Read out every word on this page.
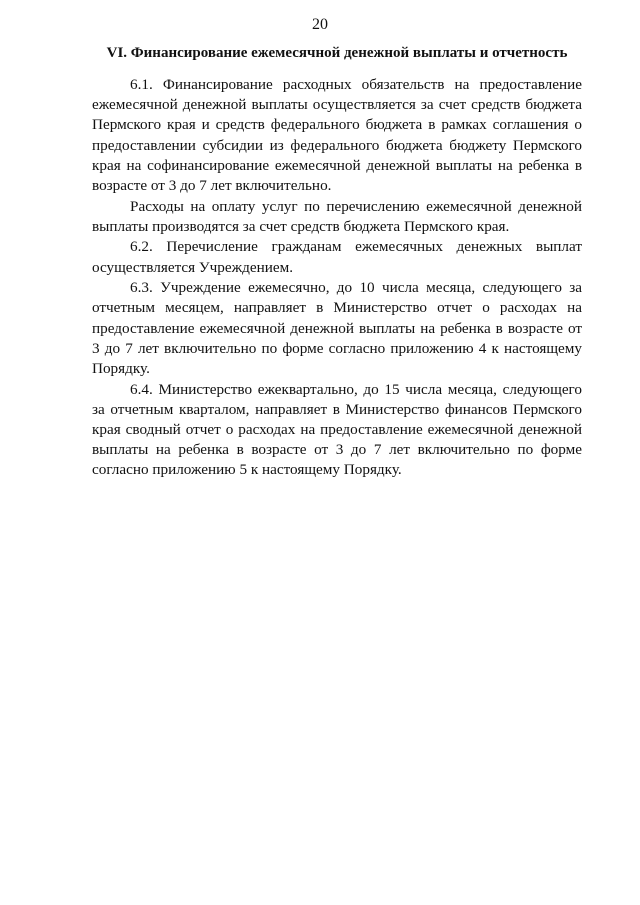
20
VI. Финансирование ежемесячной денежной выплаты и отчетность

6.1. Финансирование расходных обязательств на предоставление ежемесячной денежной выплаты осуществляется за счет средств бюджета Пермского края и средств федерального бюджета в рамках соглашения о предоставлении субсидии из федерального бюджета бюджету Пермского края на софинансирование ежемесячной денежной выплаты на ребенка в возрасте от 3 до 7 лет включительно.

Расходы на оплату услуг по перечислению ежемесячной денежной выплаты производятся за счет средств бюджета Пермского края.

6.2. Перечисление гражданам ежемесячных денежных выплат осуществляется Учреждением.

6.3. Учреждение ежемесячно, до 10 числа месяца, следующего за отчетным месяцем, направляет в Министерство отчет о расходах на предоставление ежемесячной денежной выплаты на ребенка в возрасте от 3 до 7 лет включительно по форме согласно приложению 4 к настоящему Порядку.

6.4. Министерство ежеквартально, до 15 числа месяца, следующего за отчетным кварталом, направляет в Министерство финансов Пермского края сводный отчет о расходах на предоставление ежемесячной денежной выплаты на ребенка в возрасте от 3 до 7 лет включительно по форме согласно приложению 5 к настоящему Порядку.
